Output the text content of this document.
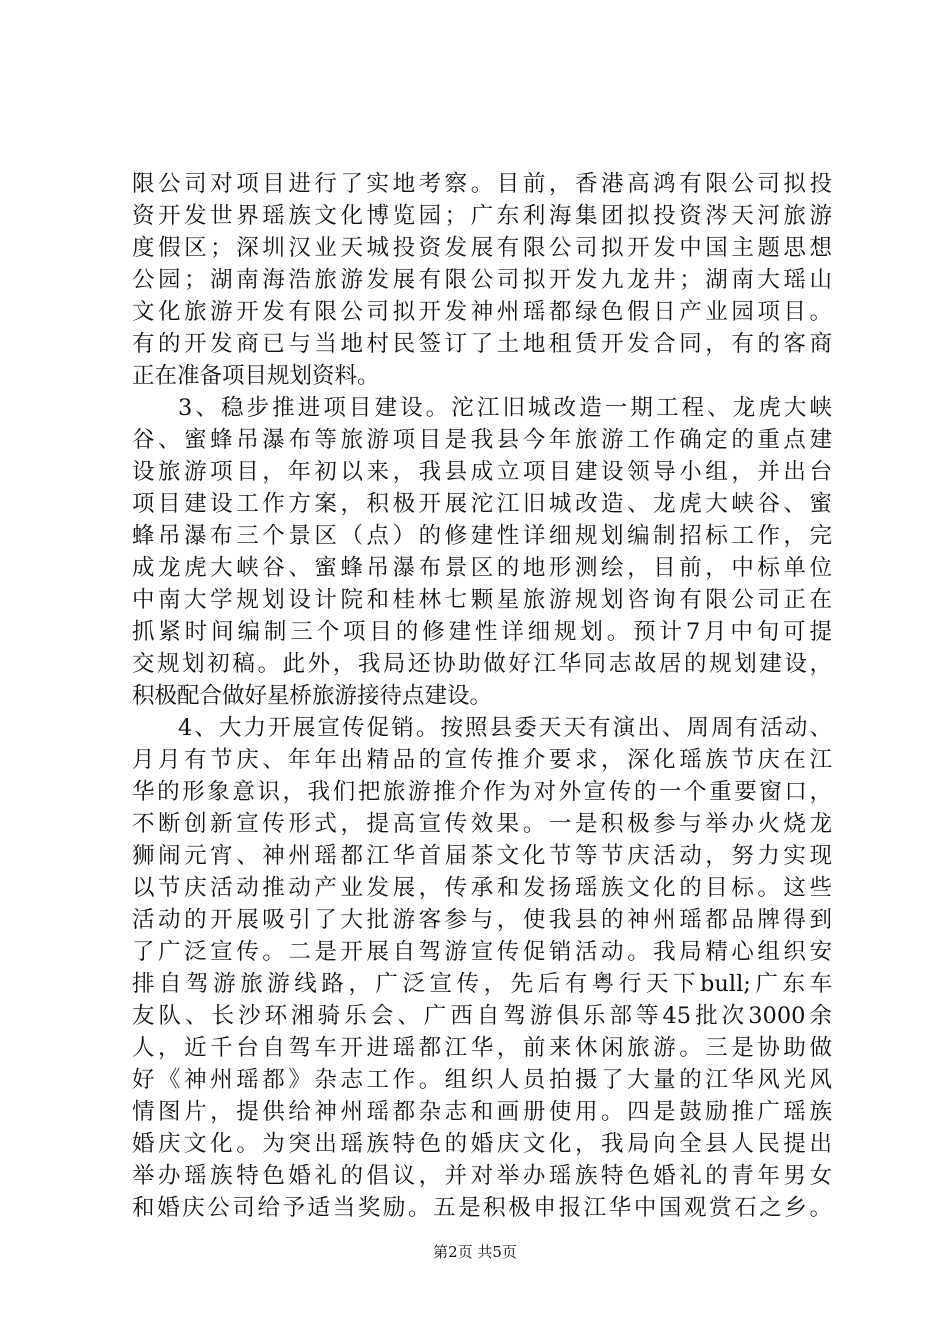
限公司对项目进行了实地考察。目前，香港高鸿有限公司拟投
资开发世界瑶族文化博览园；广东利海集团拟投资涔天河旅游
度假区；深圳汉业天城投资发展有限公司拟开发中国主题思想
公园；湖南海浩旅游发展有限公司拟开发九龙井；湖南大瑶山
文化旅游开发有限公司拟开发神州瑶都绿色假日产业园项目。
有的开发商已与当地村民签订了土地租赁开发合同，有的客商
正在准备项目规划资料。
3、稳步推进项目建设。沱江旧城改造一期工程、龙虎大峡
谷、蜜蜂吊瀑布等旅游项目是我县今年旅游工作确定的重点建
设旅游项目，年初以来，我县成立项目建设领导小组，并出台
项目建设工作方案，积极开展沱江旧城改造、龙虎大峡谷、蜜
蜂吊瀑布三个景区（点）的修建性详细规划编制招标工作，完
成龙虎大峡谷、蜜蜂吊瀑布景区的地形测绘，目前，中标单位
中南大学规划设计院和桂林七颗星旅游规划咨询有限公司正在
抓紧时间编制三个项目的修建性详细规划。预计7月中旬可提
交规划初稿。此外，我局还协助做好江华同志故居的规划建设，
积极配合做好星桥旅游接待点建设。
4、大力开展宣传促销。按照县委天天有演出、周周有活动、
月月有节庆、年年出精品的宣传推介要求，深化瑶族节庆在江
华的形象意识，我们把旅游推介作为对外宣传的一个重要窗口，
不断创新宣传形式，提高宣传效果。一是积极参与举办火烧龙
狮闹元宵、神州瑶都江华首届茶文化节等节庆活动，努力实现
以节庆活动推动产业发展，传承和发扬瑶族文化的目标。这些
活动的开展吸引了大批游客参与，使我县的神州瑶都品牌得到
了广泛宣传。二是开展自驾游宣传促销活动。我局精心组织安
排自驾游旅游线路，广泛宣传，先后有粤行天下bull;广东车
友队、长沙环湘骑乐会、广西自驾游俱乐部等45批次3000余
人，近千台自驾车开进瑶都江华，前来休闲旅游。三是协助做
好《神州瑶都》杂志工作。组织人员拍摄了大量的江华风光风
情图片，提供给神州瑶都杂志和画册使用。四是鼓励推广瑶族
婚庆文化。为突出瑶族特色的婚庆文化，我局向全县人民提出
举办瑶族特色婚礼的倡议，并对举办瑶族特色婚礼的青年男女
和婚庆公司给予适当奖励。五是积极申报江华中国观赏石之乡。
第2页 共5页
